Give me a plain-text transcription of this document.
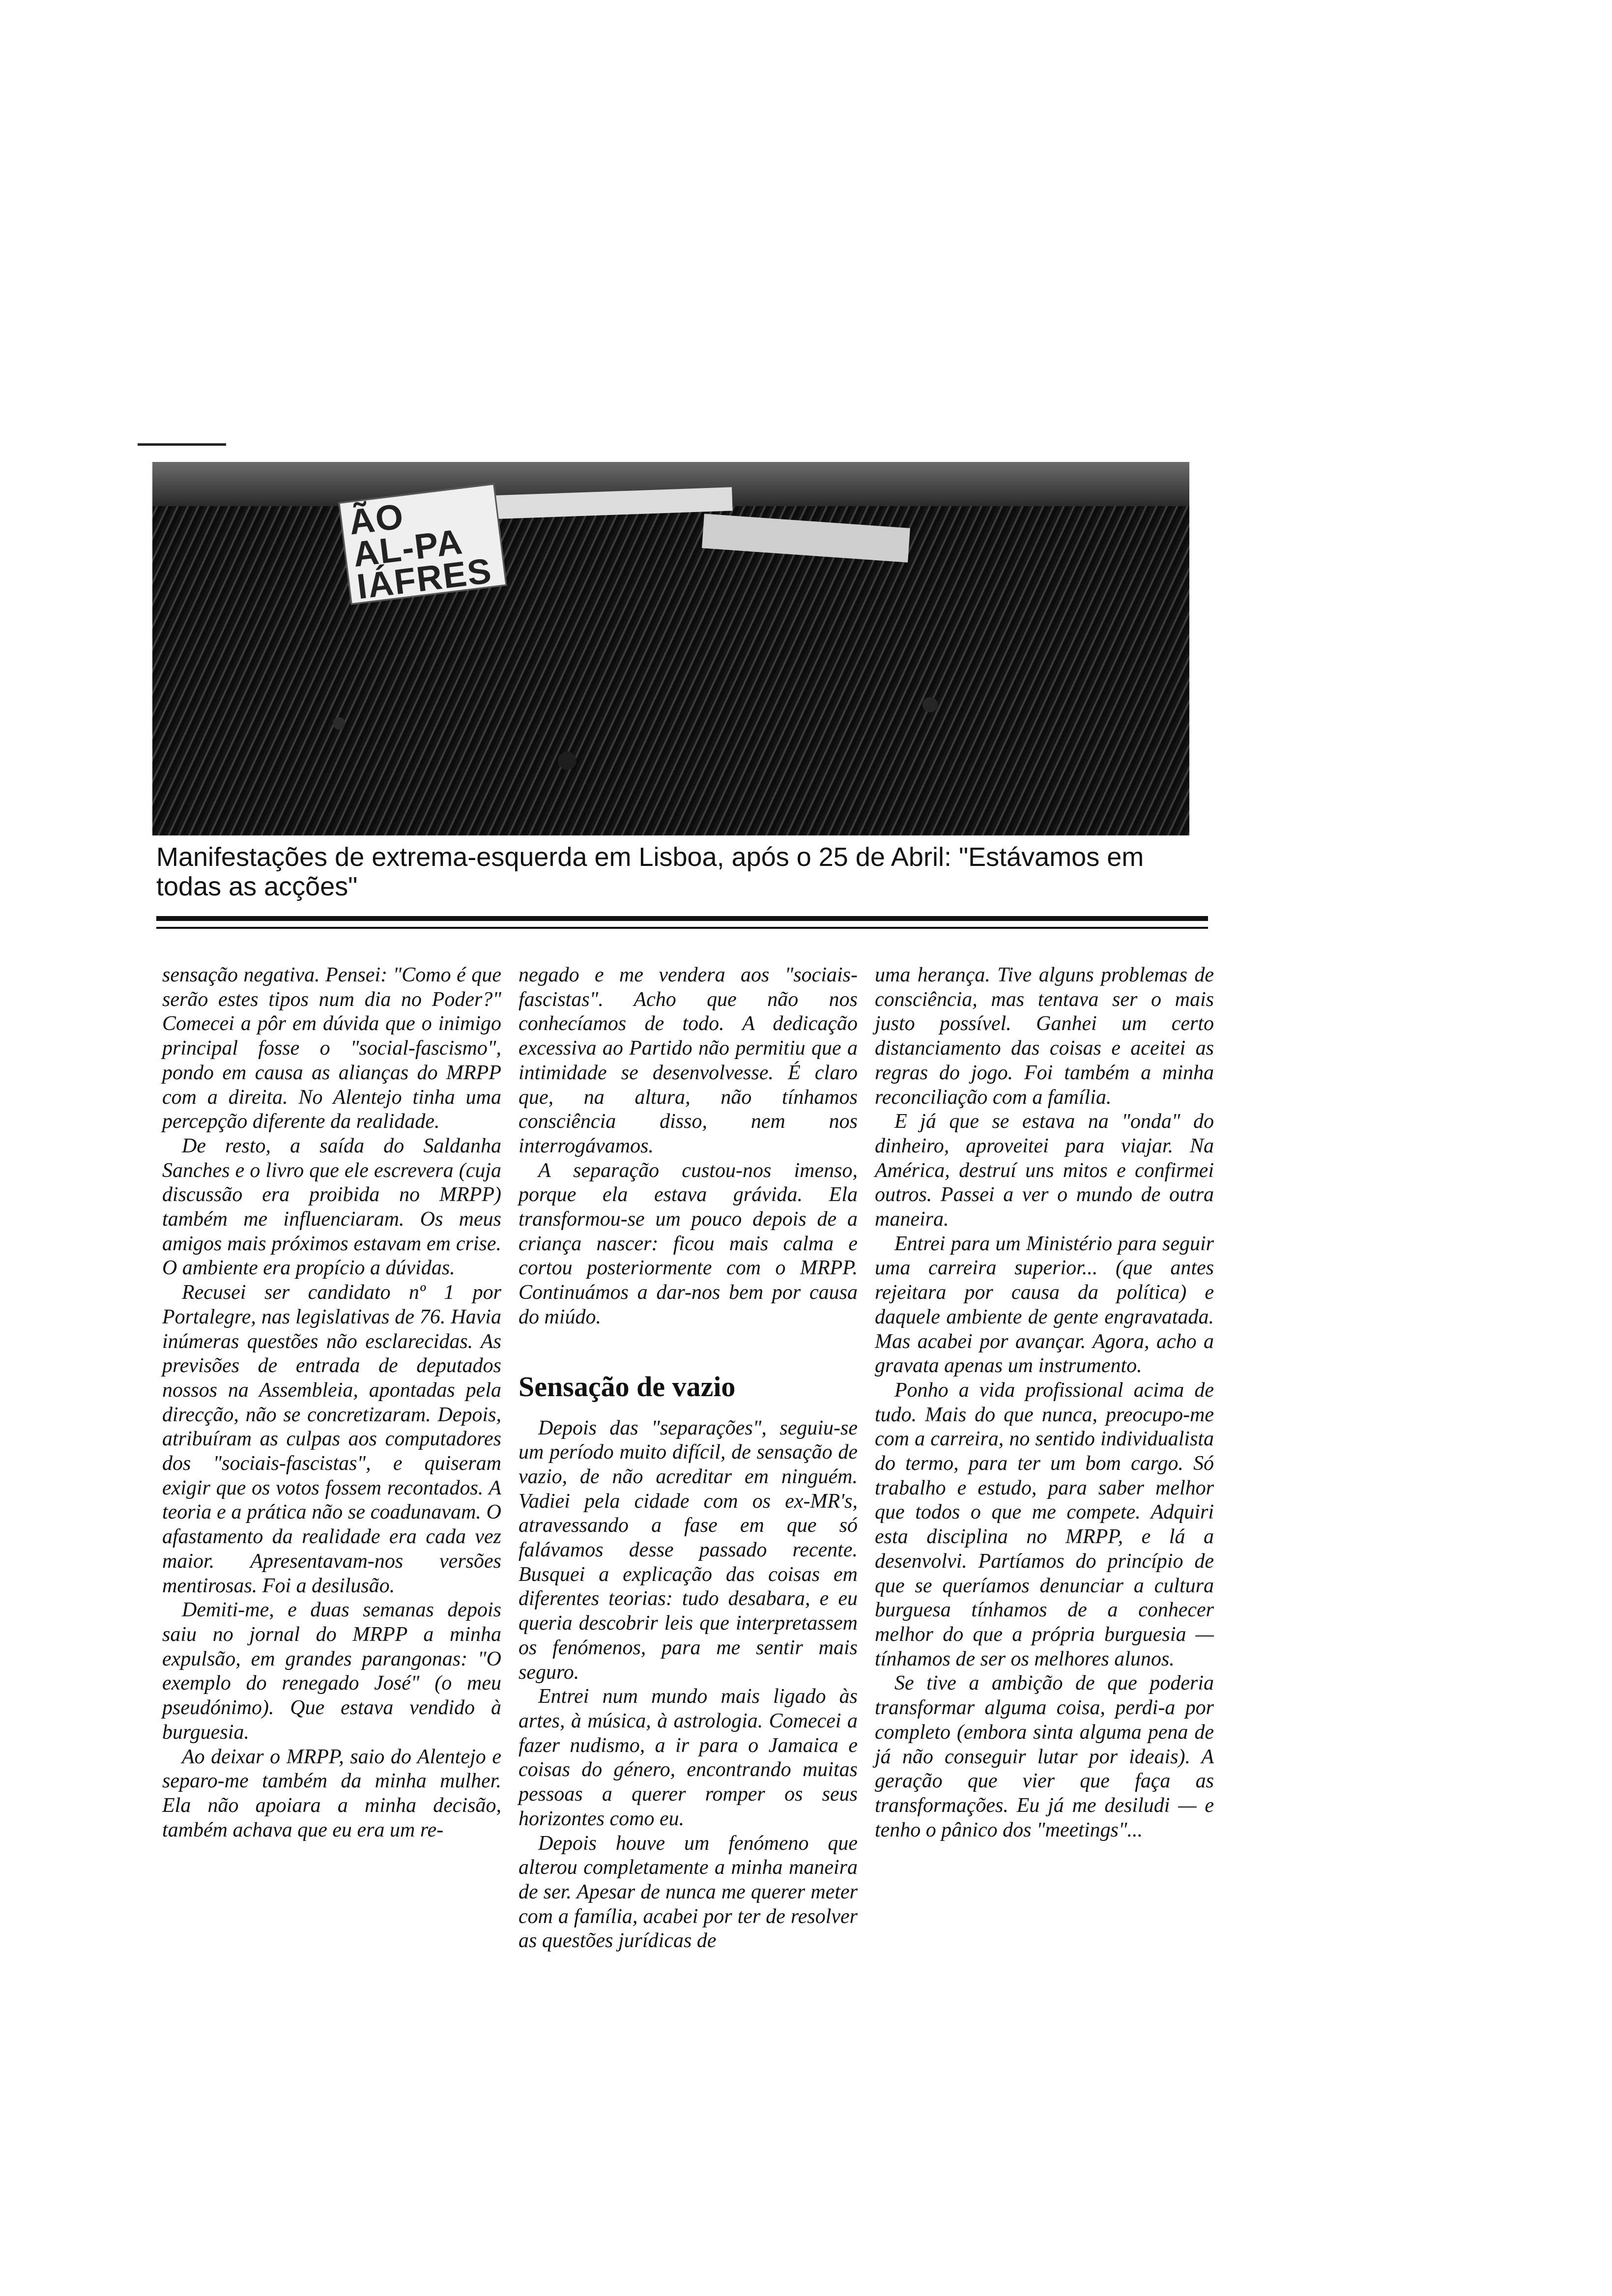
ÃO
AL-PA
IÁFRES
Manifestações de extrema-esquerda em Lisboa, após o 25 de Abril: "Estávamos em todas as acções"

sensação negativa. Pensei: "Como é que serão estes tipos num dia no Poder?" Comecei a pôr em dúvida que o inimigo principal fosse o "social-fascismo", pondo em causa as alianças do MRPP com a direita. No Alentejo tinha uma percepção diferente da realidade.

De resto, a saída do Saldanha Sanches e o livro que ele escrevera (cuja discussão era proibida no MRPP) também me influenciaram. Os meus amigos mais próximos estavam em crise. O ambiente era propício a dúvidas.

Recusei ser candidato nº 1 por Portalegre, nas legislativas de 76. Havia inúmeras questões não esclarecidas. As previsões de entrada de deputados nossos na Assembleia, apontadas pela direcção, não se concretizaram. Depois, atribuíram as culpas aos computadores dos "sociais-fascistas", e quiseram exigir que os votos fossem recontados. A teoria e a prática não se coadunavam. O afastamento da realidade era cada vez maior. Apresentavam-nos versões mentirosas. Foi a desilusão.

Demiti-me, e duas semanas depois saiu no jornal do MRPP a minha expulsão, em grandes parangonas: "O exemplo do renegado José" (o meu pseudónimo). Que estava vendido à burguesia.

Ao deixar o MRPP, saio do Alentejo e separo-me também da minha mulher. Ela não apoiara a minha decisão, também achava que eu era um re-

negado e me vendera aos "sociais-fascistas". Acho que não nos conhecíamos de todo. A dedicação excessiva ao Partido não permitiu que a intimidade se desenvolvesse. É claro que, na altura, não tínhamos consciência disso, nem nos interrogávamos.

A separação custou-nos imenso, porque ela estava grávida. Ela transformou-se um pouco depois de a criança nascer: ficou mais calma e cortou posteriormente com o MRPP. Continuámos a dar-nos bem por causa do miúdo.

Sensação de vazio

Depois das "separações", seguiu-se um período muito difícil, de sensação de vazio, de não acreditar em ninguém. Vadiei pela cidade com os ex-MR's, atravessando a fase em que só falávamos desse passado recente. Busquei a explicação das coisas em diferentes teorias: tudo desabara, e eu queria descobrir leis que interpretassem os fenómenos, para me sentir mais seguro.

Entrei num mundo mais ligado às artes, à música, à astrologia. Comecei a fazer nudismo, a ir para o Jamaica e coisas do género, encontrando muitas pessoas a querer romper os seus horizontes como eu.

Depois houve um fenómeno que alterou completamente a minha maneira de ser. Apesar de nunca me querer meter com a família, acabei por ter de resolver as questões jurídicas de

uma herança. Tive alguns problemas de consciência, mas tentava ser o mais justo possível. Ganhei um certo distanciamento das coisas e aceitei as regras do jogo. Foi também a minha reconciliação com a família.

E já que se estava na "onda" do dinheiro, aproveitei para viajar. Na América, destruí uns mitos e confirmei outros. Passei a ver o mundo de outra maneira.

Entrei para um Ministério para seguir uma carreira superior... (que antes rejeitara por causa da política) e daquele ambiente de gente engravatada. Mas acabei por avançar. Agora, acho a gravata apenas um instrumento.

Ponho a vida profissional acima de tudo. Mais do que nunca, preocupo-me com a carreira, no sentido individualista do termo, para ter um bom cargo. Só trabalho e estudo, para saber melhor que todos o que me compete. Adquiri esta disciplina no MRPP, e lá a desenvolvi. Partíamos do princípio de que se queríamos denunciar a cultura burguesa tínhamos de a conhecer melhor do que a própria burguesia — tínhamos de ser os melhores alunos.

Se tive a ambição de que poderia transformar alguma coisa, perdi-a por completo (embora sinta alguma pena de já não conseguir lutar por ideais). A geração que vier que faça as transformações. Eu já me desiludi — e tenho o pânico dos "meetings"...
